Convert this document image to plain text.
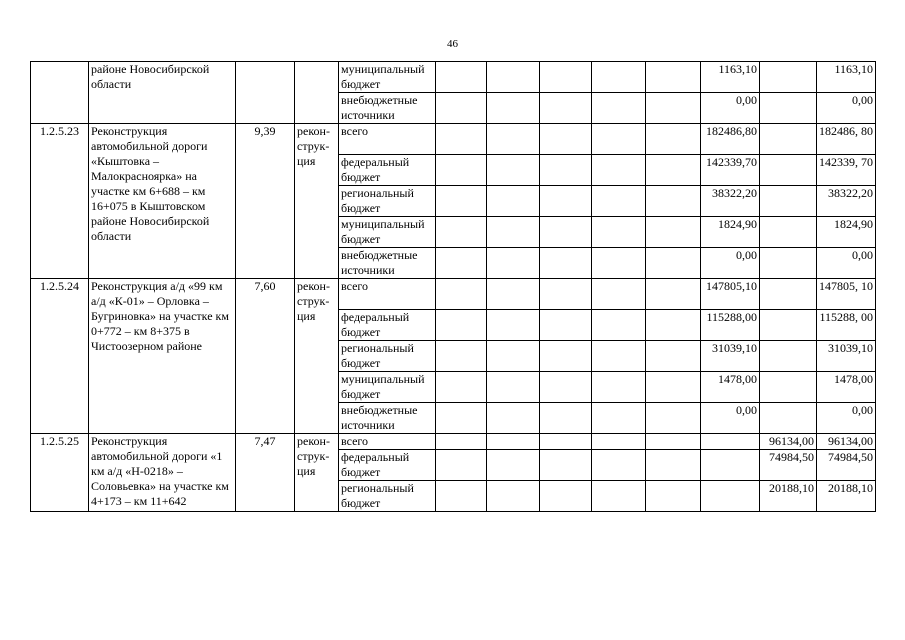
46
	районе Новосибирской области			муниципальный бюджет						1163,10		1163,10
				внебюджетные источники						0,00		0,00
1.2.5.23	Реконструкция автомобильной дороги «Кыштовка – Малокрасноярка» на участке км 6+688 – км 16+075 в Кыштовском районе Новосибирской области	9,39	рекон-струк-ция	всего						182486,80		182486, 80
				федеральный бюджет						142339,70		142339, 70
				региональный бюджет						38322,20		38322,20
				муниципальный бюджет						1824,90		1824,90
				внебюджетные источники						0,00		0,00
1.2.5.24	Реконструкция а/д «99 км а/д «К-01» – Орловка – Бугриновка» на участке км 0+772 – км 8+375 в Чистоозерном районе	7,60	рекон-струк-ция	всего						147805,10		147805, 10
				федеральный бюджет						115288,00		115288, 00
				региональный бюджет						31039,10		31039,10
				муниципальный бюджет						1478,00		1478,00
				внебюджетные источники						0,00		0,00
1.2.5.25	Реконструкция автомобильной дороги «1 км а/д «Н-0218» – Соловьевка» на участке км 4+173 – км 11+642	7,47	рекон-струк-ция	всего							96134,00	96134,00
				федеральный бюджет							74984,50	74984,50
				региональный бюджет							20188,10	20188,10
